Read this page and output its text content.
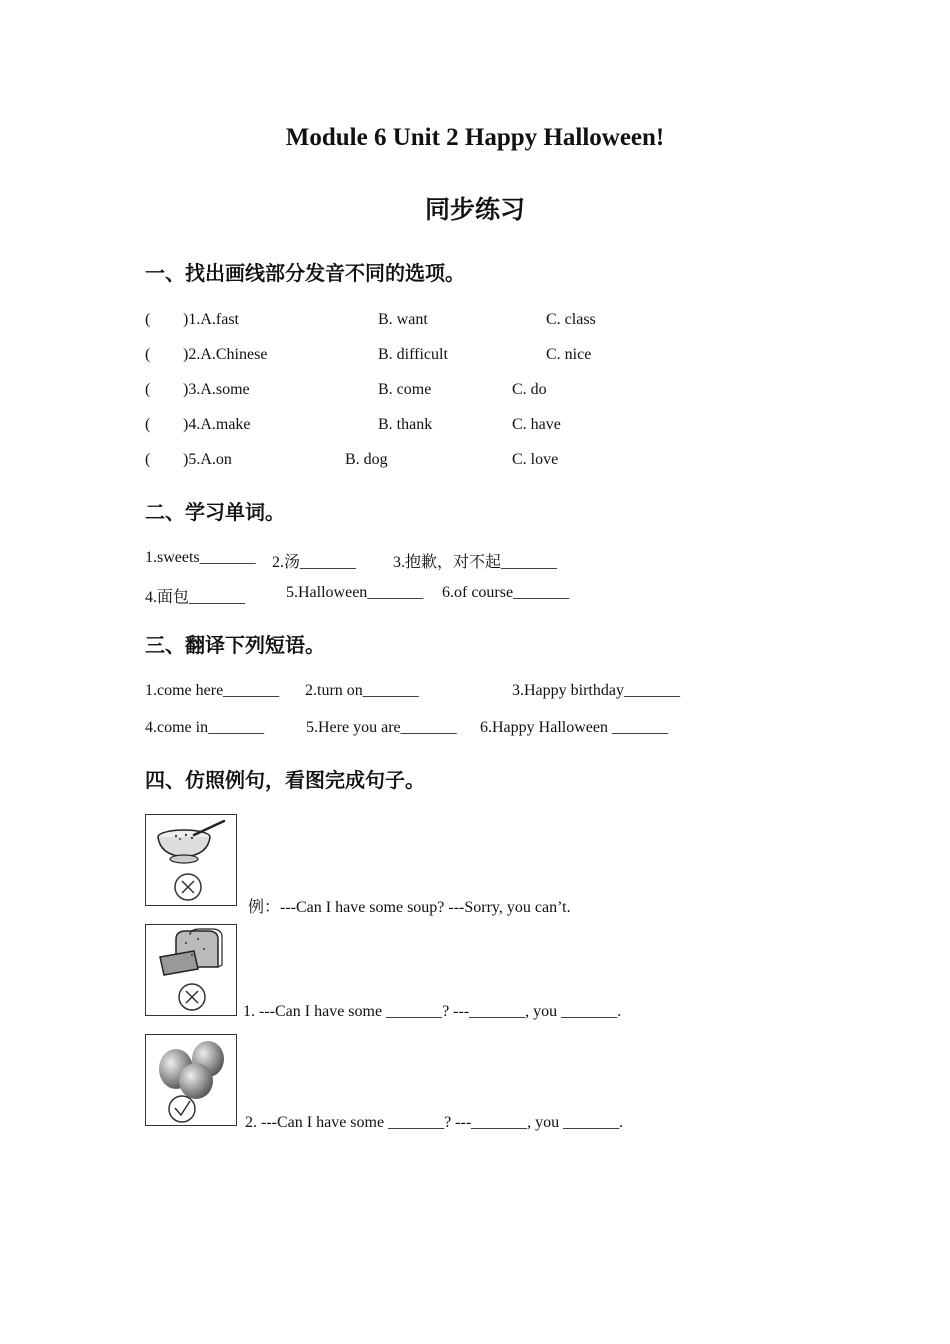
Module 6 Unit 2 Happy Halloween!
同步练习
一、找出画线部分发音不同的选项。
( )1.A.fast	B. want	C. class
( )2.A.Chinese	B. difficult	C. nice
( )3.A.some	B. come	C. do
( )4.A.make	B. thank	C. have
( )5.A.on	B. dog	C. love
二、学习单词。
1.sweets_______ 2.汤_______ 3.抱歉，对不起_______
4.面包_______	5.Halloween_______ 6.of course_______
三、翻译下列短语。
1.come here_______ 2.turn on_______	3.Happy birthday_______
4.come in_______	5.Here you are_______ 6.Happy Halloween _______
四、仿照例句，看图完成句子。
例：---Can I have some soup? ---Sorry, you can’t.
1. ---Can I have some _______? ---_______, you _______.
2. ---Can I have some _______? ---_______, you _______.
